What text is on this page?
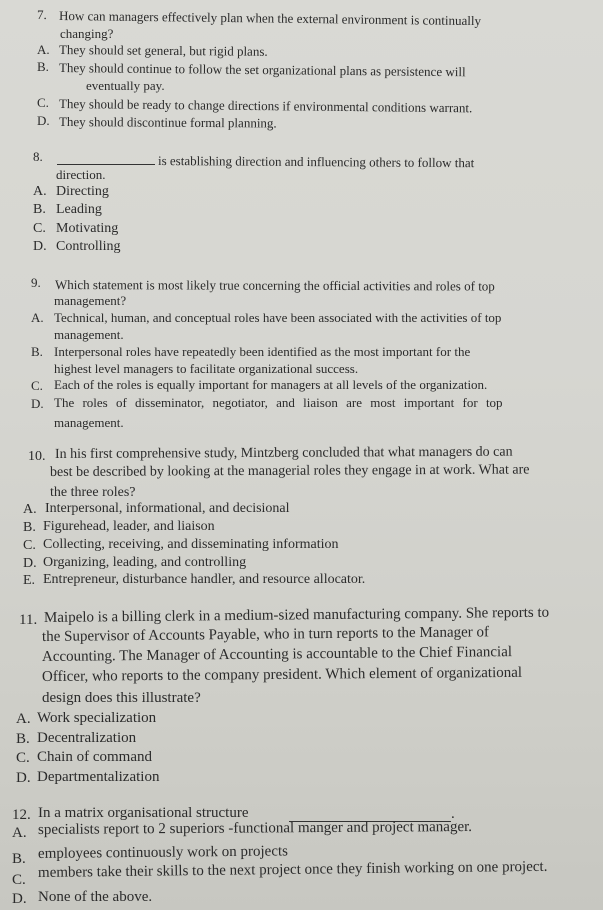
7. How can managers effectively plan when the external environment is continually
changing?
A. They should set general, but rigid plans.
B. They should continue to follow the set organizational plans as persistence will
eventually pay.
C. They should be ready to change directions if environmental conditions warrant.
D. They should discontinue formal planning.
8.	is establishing direction and influencing others to follow that
direction.
A. Directing
B. Leading
C. Motivating
D. Controlling
9. Which statement is most likely true concerning the official activities and roles of top
management?
A. Technical, human, and conceptual roles have been associated with the activities of top
management.
B. Interpersonal roles have repeatedly been identified as the most important for the
highest level managers to facilitate organizational success.
C. Each of the roles is equally important for managers at all levels of the organization.
D. The roles of disseminator, negotiator, and liaison are most important for top
management.
10. In his first comprehensive study, Mintzberg concluded that what managers do can
best be described by looking at the managerial roles they engage in at work. What are
the three roles?
A. Interpersonal, informational, and decisional
B. Figurehead, leader, and liaison
C. Collecting, receiving, and disseminating information
D. Organizing, leading, and controlling
E. Entrepreneur, disturbance handler, and resource allocator.
11. Maipelo is a billing clerk in a medium-sized manufacturing company. She reports to
the Supervisor of Accounts Payable, who in turn reports to the Manager of
Accounting. The Manager of Accounting is accountable to the Chief Financial
Officer, who reports to the company president. Which element of organizational
design does this illustrate?
A. Work specialization
B. Decentralization
C. Chain of command
D. Departmentalization
12. In a matrix organisational structure	.
A. specialists report to 2 superiors -functional manger and project manager.
B. employees continuously work on projects
C. members take their skills to the next project once they finish working on one project.
D. None of the above.
